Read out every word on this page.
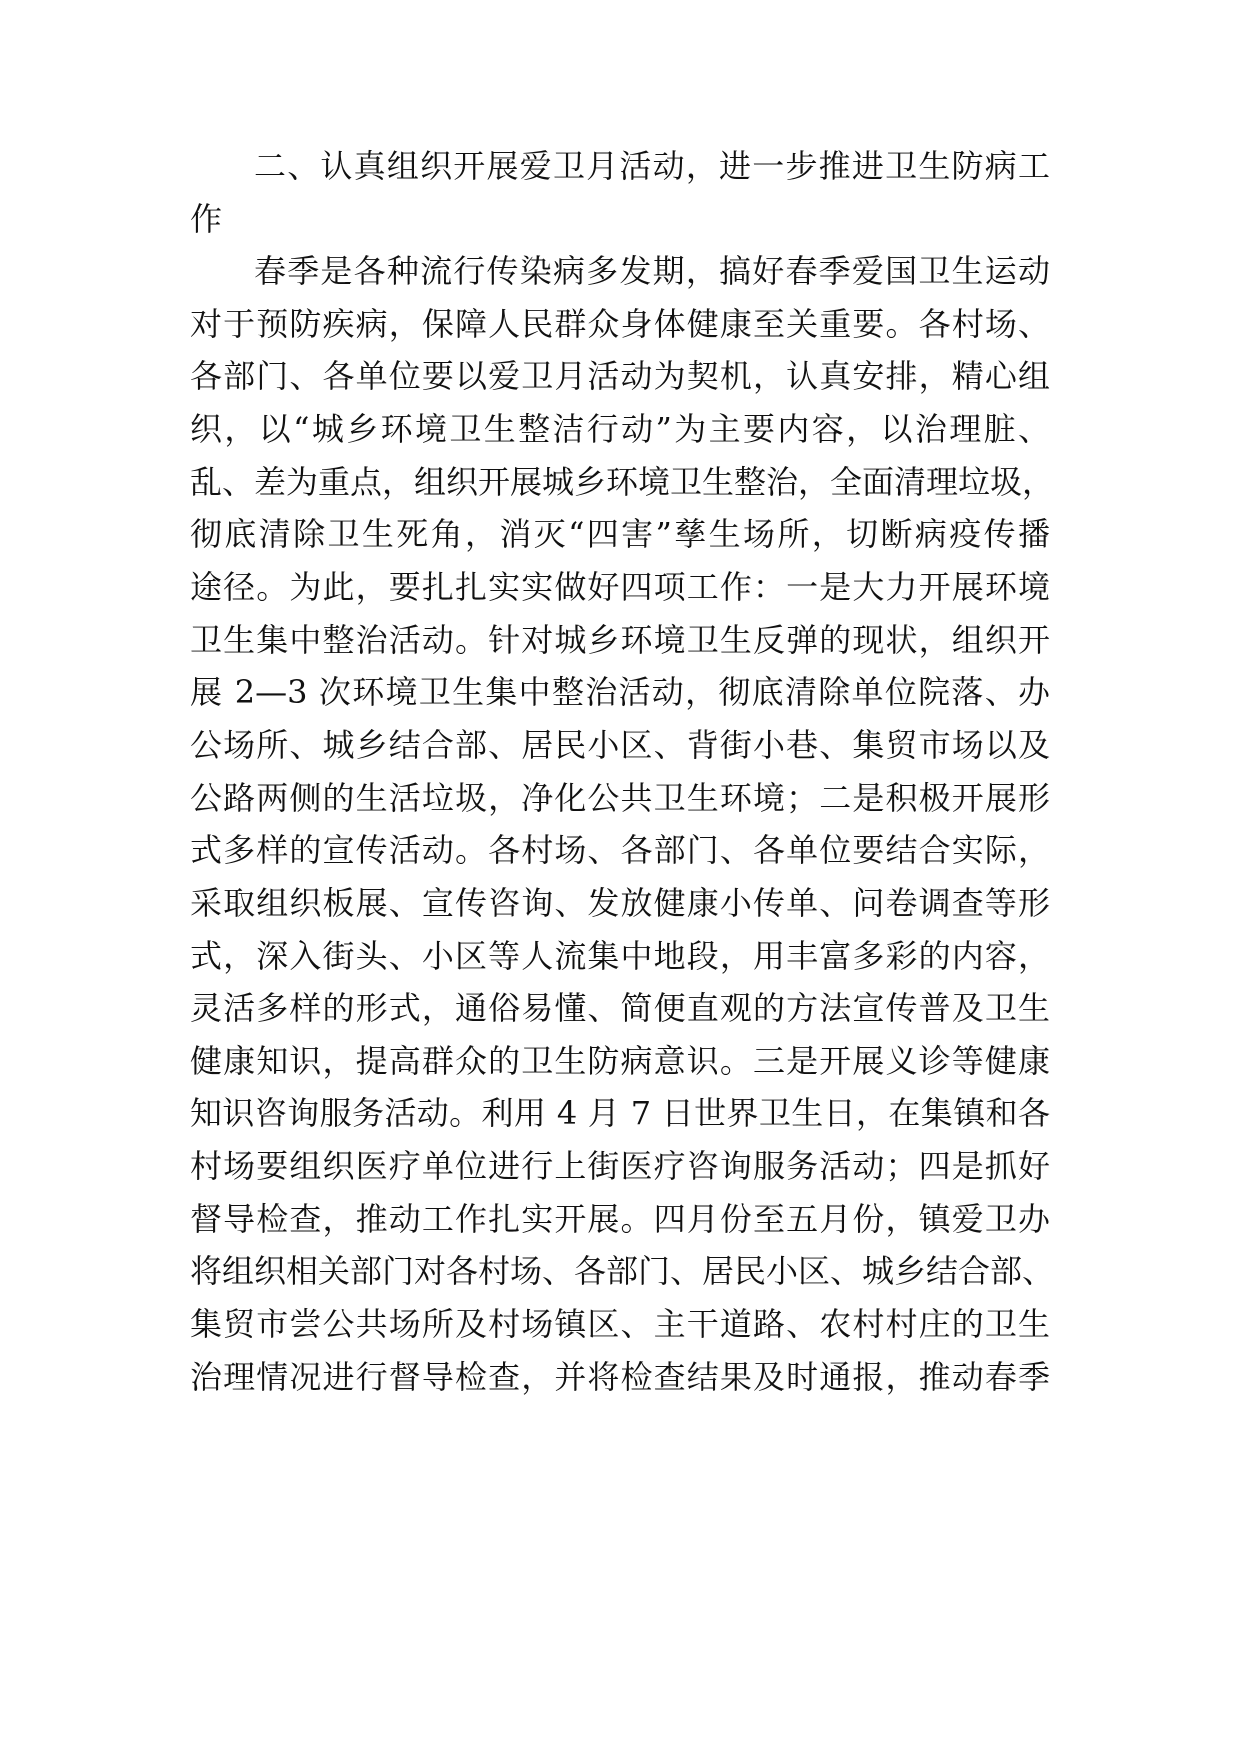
二、认真组织开展爱卫月活动，进一步推进卫生防病工
作
春季是各种流行传染病多发期，搞好春季爱国卫生运动
对于预防疾病，保障人民群众身体健康至关重要。各村场、
各部门、各单位要以爱卫月活动为契机，认真安排，精心组
织，以“城乡环境卫生整洁行动”为主要内容，以治理脏、
乱、差为重点，组织开展城乡环境卫生整治，全面清理垃圾，
彻底清除卫生死角，消灭“四害”孳生场所，切断病疫传播
途径。为此，要扎扎实实做好四项工作：一是大力开展环境
卫生集中整治活动。针对城乡环境卫生反弹的现状，组织开
展 2—3 次环境卫生集中整治活动，彻底清除单位院落、办
公场所、城乡结合部、居民小区、背街小巷、集贸市场以及
公路两侧的生活垃圾，净化公共卫生环境；二是积极开展形
式多样的宣传活动。各村场、各部门、各单位要结合实际，
采取组织板展、宣传咨询、发放健康小传单、问卷调查等形
式，深入街头、小区等人流集中地段，用丰富多彩的内容，
灵活多样的形式，通俗易懂、简便直观的方法宣传普及卫生
健康知识，提高群众的卫生防病意识。三是开展义诊等健康
知识咨询服务活动。利用 4 月 7 日世界卫生日，在集镇和各
村场要组织医疗单位进行上街医疗咨询服务活动；四是抓好
督导检查，推动工作扎实开展。四月份至五月份，镇爱卫办
将组织相关部门对各村场、各部门、居民小区、城乡结合部、
集贸市尝公共场所及村场镇区、主干道路、农村村庄的卫生
治理情况进行督导检查，并将检查结果及时通报，推动春季
